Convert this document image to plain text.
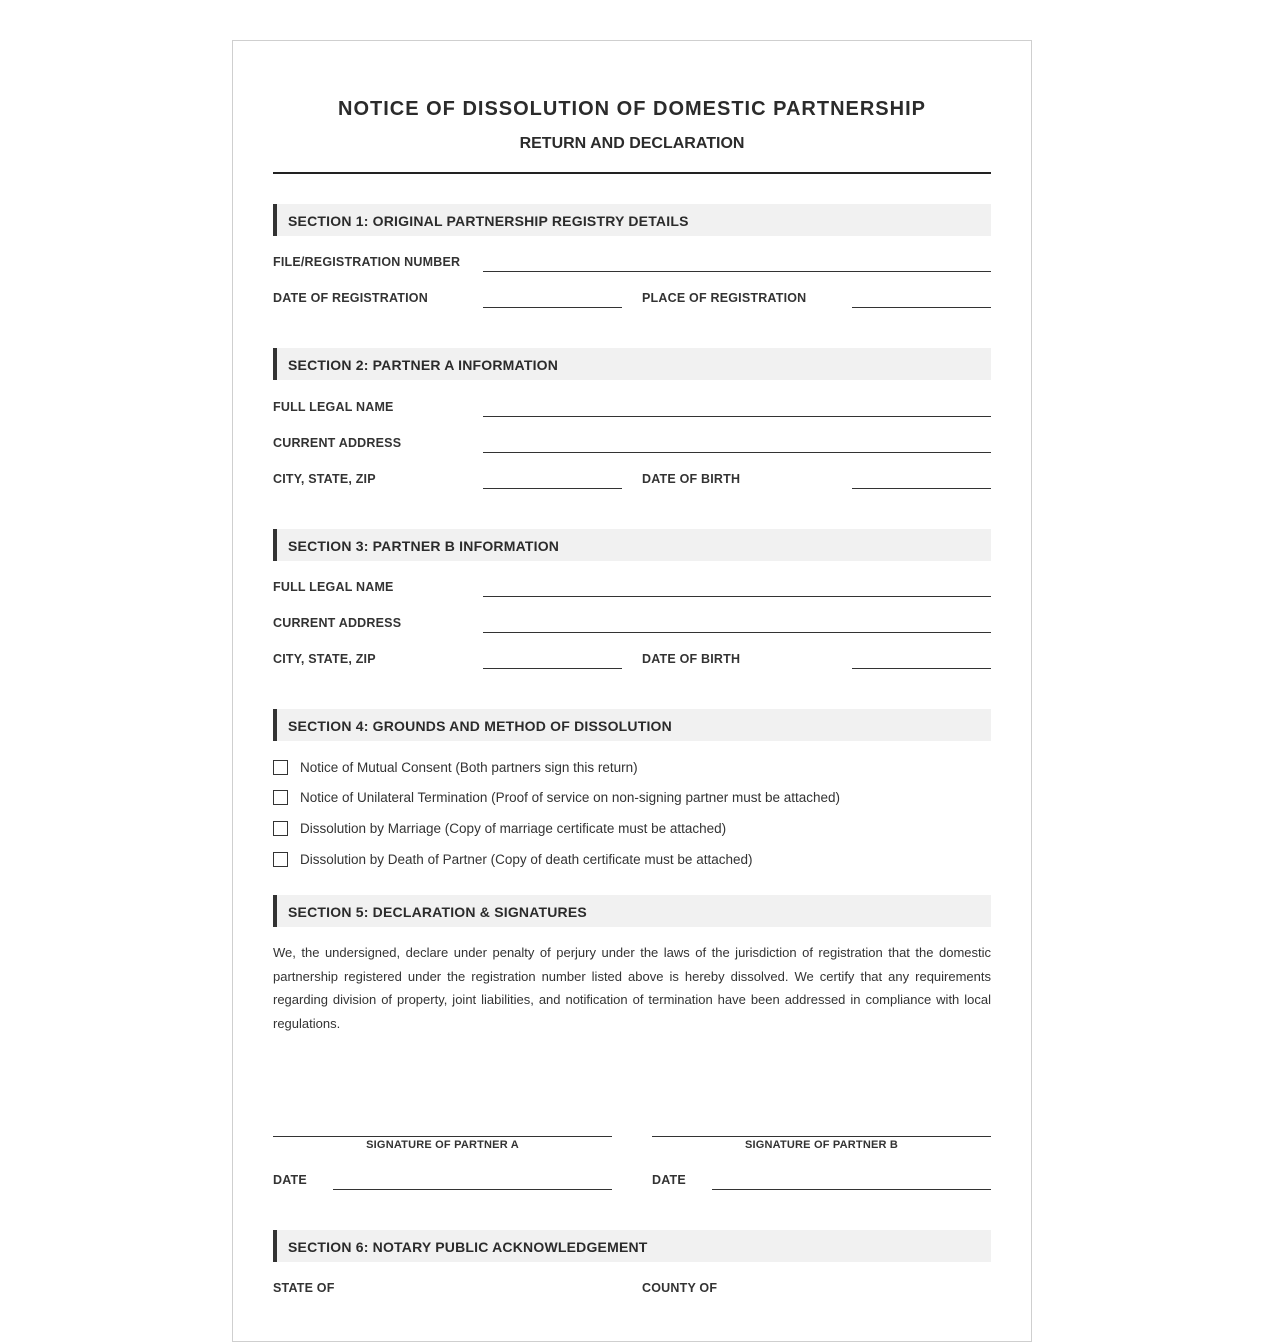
NOTICE OF DISSOLUTION OF DOMESTIC PARTNERSHIP
RETURN AND DECLARATION
SECTION 1: ORIGINAL PARTNERSHIP REGISTRY DETAILS
FILE/REGISTRATION NUMBER
DATE OF REGISTRATION	PLACE OF REGISTRATION
SECTION 2: PARTNER A INFORMATION
FULL LEGAL NAME
CURRENT ADDRESS
CITY, STATE, ZIP	DATE OF BIRTH
SECTION 3: PARTNER B INFORMATION
FULL LEGAL NAME
CURRENT ADDRESS
CITY, STATE, ZIP	DATE OF BIRTH
SECTION 4: GROUNDS AND METHOD OF DISSOLUTION
Notice of Mutual Consent (Both partners sign this return)
Notice of Unilateral Termination (Proof of service on non-signing partner must be attached)
Dissolution by Marriage (Copy of marriage certificate must be attached)
Dissolution by Death of Partner (Copy of death certificate must be attached)
SECTION 5: DECLARATION & SIGNATURES
We, the undersigned, declare under penalty of perjury under the laws of the jurisdiction of registration that the domestic partnership registered under the registration number listed above is hereby dissolved. We certify that any requirements regarding division of property, joint liabilities, and notification of termination have been addressed in compliance with local regulations.
SIGNATURE OF PARTNER A	SIGNATURE OF PARTNER B
DATE	DATE
SECTION 6: NOTARY PUBLIC ACKNOWLEDGEMENT
STATE OF	COUNTY OF
